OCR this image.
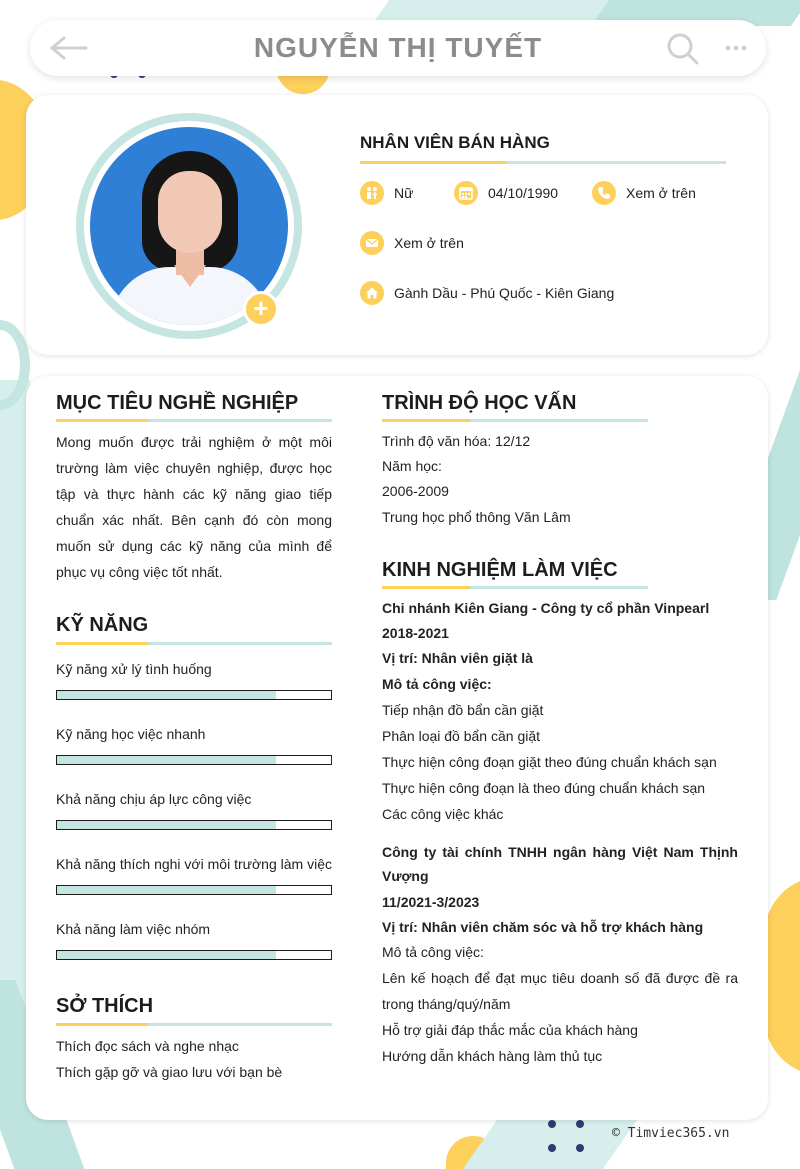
NGUYỄN THỊ TUYẾT
+
NHÂN VIÊN BÁN HÀNG
Nữ	04/10/1990	Xem ở trên
Xem ở trên
Gành Dầu - Phú Quốc - Kiên Giang
MỤC TIÊU NGHỀ NGHIỆP
Mong muốn được trải nghiệm ở một môi trường làm việc chuyên nghiệp, được học tập và thực hành các kỹ năng giao tiếp chuẩn xác nhất. Bên cạnh đó còn mong muốn sử dụng các kỹ năng của mình để phục vụ công việc tốt nhất.
KỸ NĂNG
Kỹ năng xử lý tình huống
Kỹ năng học việc nhanh
Khả năng chịu áp lực công việc
Khả năng thích nghi với môi trường làm việc
Khả năng làm việc nhóm
SỞ THÍCH
Thích đọc sách và nghe nhạc
Thích gặp gỡ và giao lưu với bạn bè
TRÌNH ĐỘ HỌC VẤN
Trình độ văn hóa: 12/12
Năm học:
2006-2009
Trung học phổ thông Văn Lâm
KINH NGHIỆM LÀM VIỆC
Chi nhánh Kiên Giang - Công ty cổ phần Vinpearl
2018-2021
Vị trí: Nhân viên giặt là
Mô tả công việc:
Tiếp nhận đồ bẩn cần giặt
Phân loại đồ bẩn cần giặt
Thực hiện công đoạn giặt theo đúng chuẩn khách sạn
Thực hiện công đoạn là theo đúng chuẩn khách sạn
Các công việc khác
Công ty tài chính TNHH ngân hàng Việt Nam Thịnh Vượng
11/2021-3/2023
Vị trí: Nhân viên chăm sóc và hỗ trợ khách hàng
Mô tả công việc:
Lên kế hoạch để đạt mục tiêu doanh số đã được đề ra trong tháng/quý/năm
Hỗ trợ giải đáp thắc mắc của khách hàng
Hướng dẫn khách hàng làm thủ tục
© Timviec365.vn
